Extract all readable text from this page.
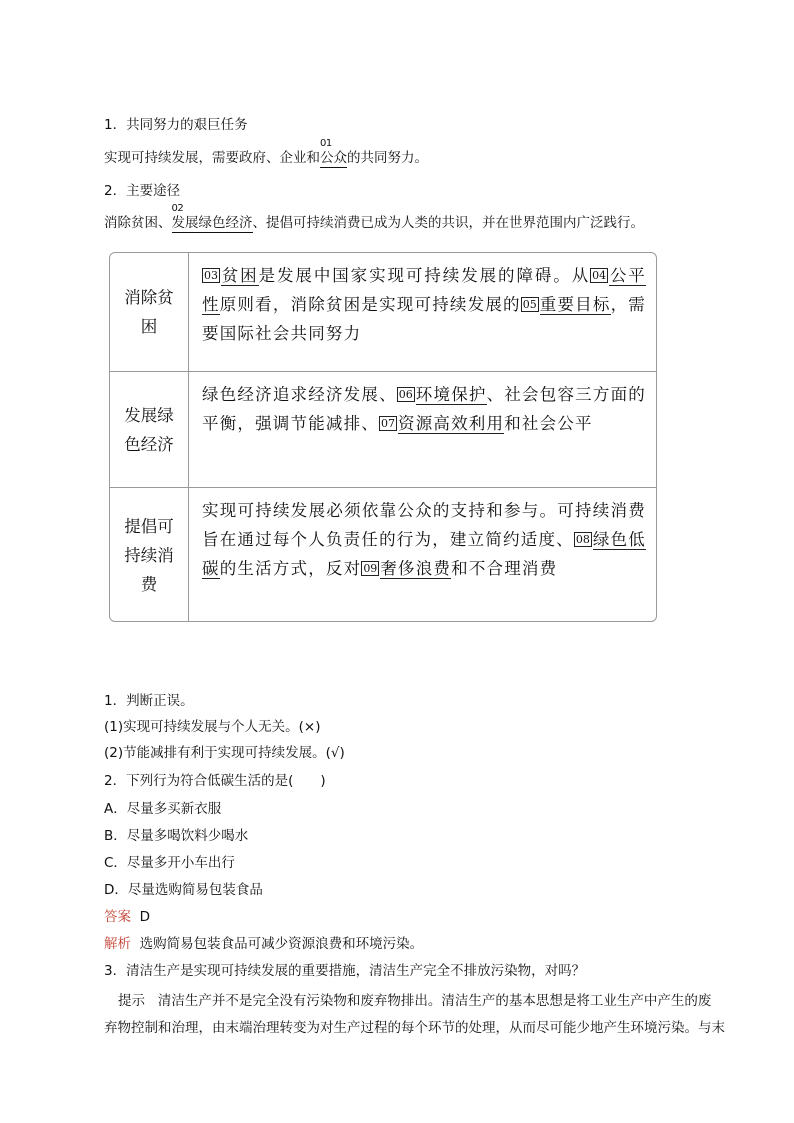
1．共同努力的艰巨任务
实现可持续发展，需要政府、企业和
01
公众的共同努力。
2．主要途径
消除贫困、
02
发展绿色经济、提倡可持续消费已成为人类的共识，并在世界范围内广泛践行。
消除贫困
03 贫困是发展中国家实现可持续发展的障碍。从 04 公平性原则看，消除贫困是实现可持续发展的 05 重要目标，需要国际社会共同努力
发展绿色经济
绿色经济追求经济发展、 06 环境保护、社会包容三方面的平衡，强调节能减排、 07 资源高效利用和社会公平
提倡可持续消费
实现可持续发展必须依靠公众的支持和参与。可持续消费旨在通过每个人负责任的行为，建立简约适度、 08 绿色低碳的生活方式，反对 09 奢侈浪费和不合理消费
1．判断正误。
(1)实现可持续发展与个人无关。(×)
(2)节能减排有利于实现可持续发展。(√)
2．下列行为符合低碳生活的是(　　)
A．尽量多买新衣服
B．尽量多喝饮料少喝水
C．尽量多开小车出行
D．尽量选购简易包装食品
答案 D
解析 选购简易包装食品可减少资源浪费和环境污染。
3．清洁生产是实现可持续发展的重要措施，清洁生产完全不排放污染物，对吗？
提示 清洁生产并不是完全没有污染物和废弃物排出。清洁生产的基本思想是将工业生产中产生的废
弃物控制和治理，由末端治理转变为对生产过程的每个环节的处理，从而尽可能少地产生环境污染。与末
